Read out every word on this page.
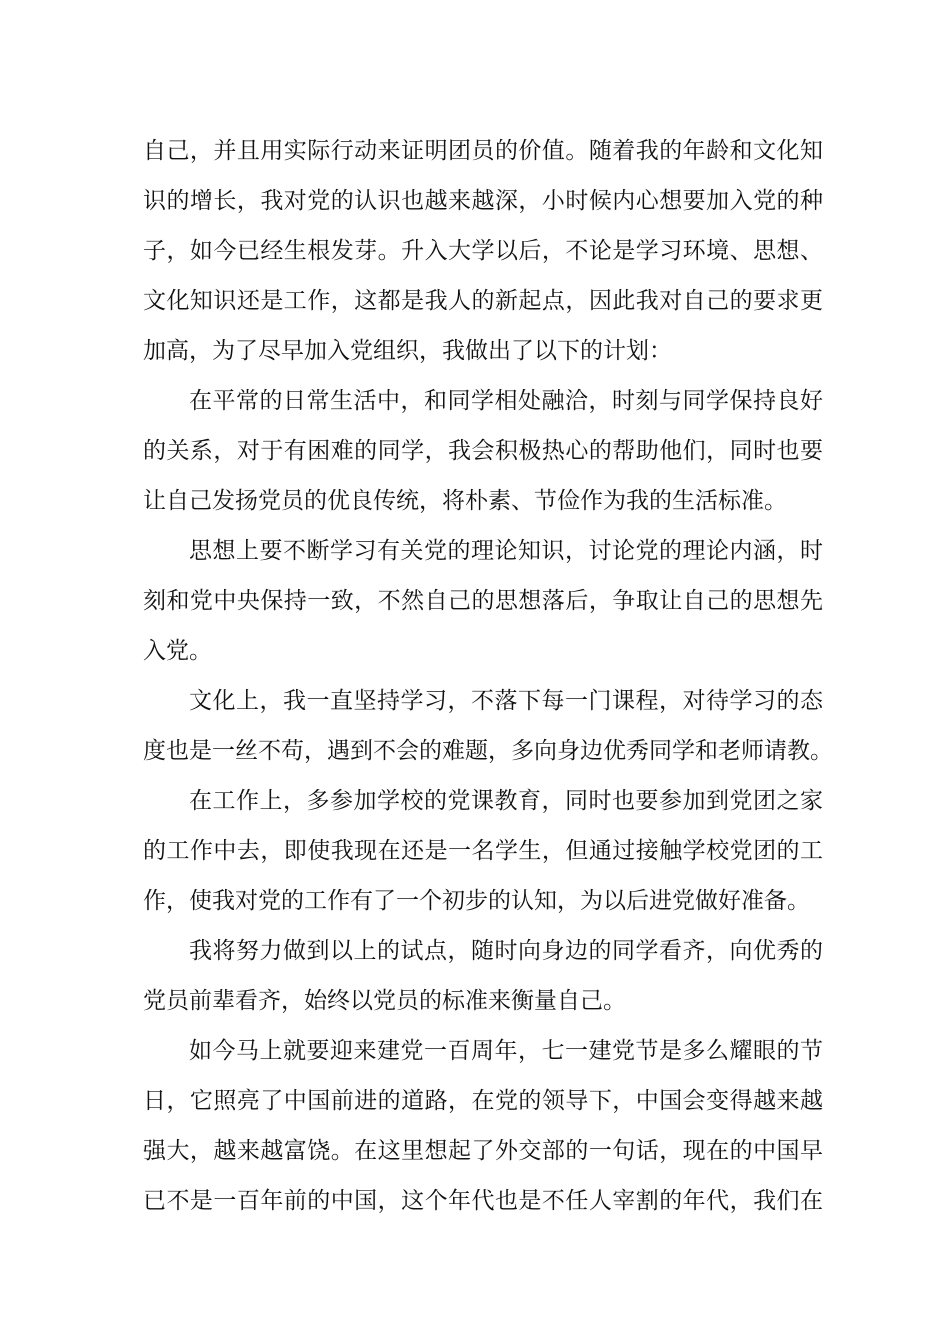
自己，并且用实际行动来证明团员的价值。随着我的年龄和文化知
识的增长，我对党的认识也越来越深，小时候内心想要加入党的种
子，如今已经生根发芽。升入大学以后，不论是学习环境、思想、
文化知识还是工作，这都是我人的新起点，因此我对自己的要求更
加高，为了尽早加入党组织，我做出了以下的计划：
在平常的日常生活中，和同学相处融洽，时刻与同学保持良好
的关系，对于有困难的同学，我会积极热心的帮助他们，同时也要
让自己发扬党员的优良传统，将朴素、节俭作为我的生活标准。
思想上要不断学习有关党的理论知识，讨论党的理论内涵，时
刻和党中央保持一致，不然自己的思想落后，争取让自己的思想先
入党。
文化上，我一直坚持学习，不落下每一门课程，对待学习的态
度也是一丝不苟，遇到不会的难题，多向身边优秀同学和老师请教。
在工作上，多参加学校的党课教育，同时也要参加到党团之家
的工作中去，即使我现在还是一名学生，但通过接触学校党团的工
作，使我对党的工作有了一个初步的认知，为以后进党做好准备。
我将努力做到以上的试点，随时向身边的同学看齐，向优秀的
党员前辈看齐，始终以党员的标准来衡量自己。
如今马上就要迎来建党一百周年，七一建党节是多么耀眼的节
日，它照亮了中国前进的道路，在党的领导下，中国会变得越来越
强大，越来越富饶。在这里想起了外交部的一句话，现在的中国早
已不是一百年前的中国，这个年代也是不任人宰割的年代，我们在
